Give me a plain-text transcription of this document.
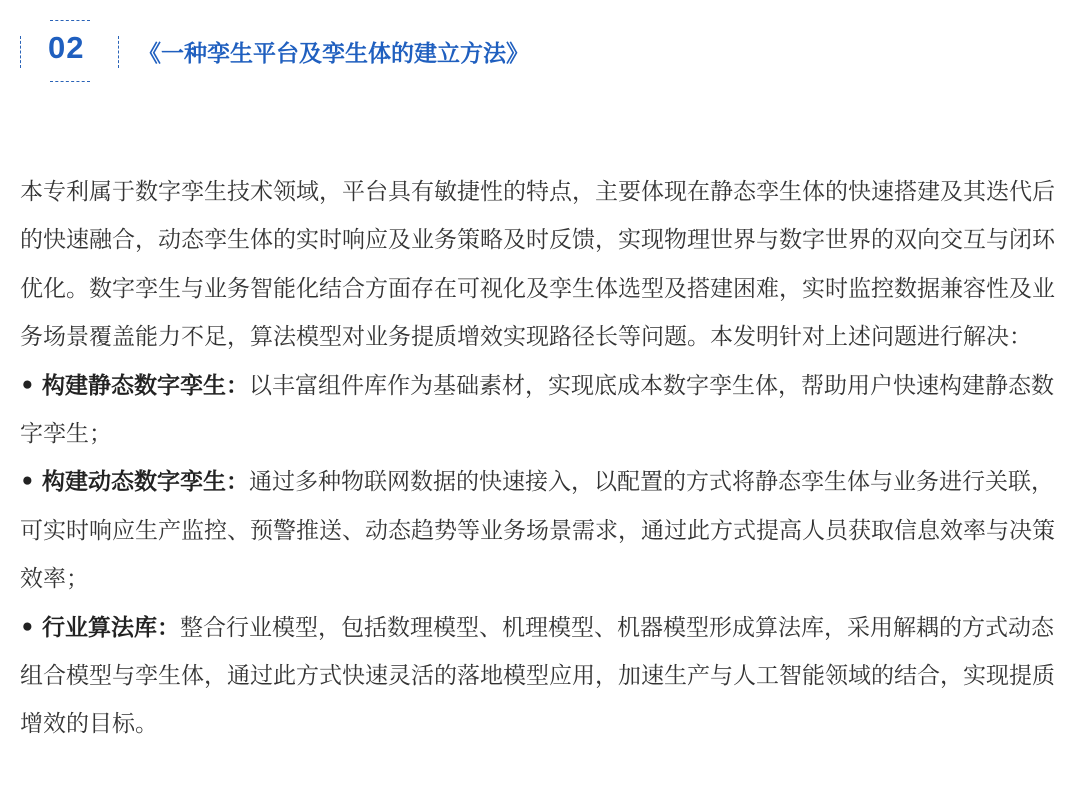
02 《一种孪生平台及孪生体的建立方法》

本专利属于数字孪生技术领域，平台具有敏捷性的特点，主要体现在静态孪生体的快速搭建及其迭代后的快速融合，动态孪生体的实时响应及业务策略及时反馈，实现物理世界与数字世界的双向交互与闭环优化。数字孪生与业务智能化结合方面存在可视化及孪生体选型及搭建困难，实时监控数据兼容性及业务场景覆盖能力不足，算法模型对业务提质增效实现路径长等问题。本发明针对上述问题进行解决：

• 构建静态数字孪生：以丰富组件库作为基础素材，实现底成本数字孪生体，帮助用户快速构建静态数字孪生；

• 构建动态数字孪生：通过多种物联网数据的快速接入，以配置的方式将静态孪生体与业务进行关联，可实时响应生产监控、预警推送、动态趋势等业务场景需求，通过此方式提高人员获取信息效率与决策效率；

• 行业算法库：整合行业模型，包括数理模型、机理模型、机器模型形成算法库，采用解耦的方式动态组合模型与孪生体，通过此方式快速灵活的落地模型应用，加速生产与人工智能领域的结合，实现提质增效的目标。
